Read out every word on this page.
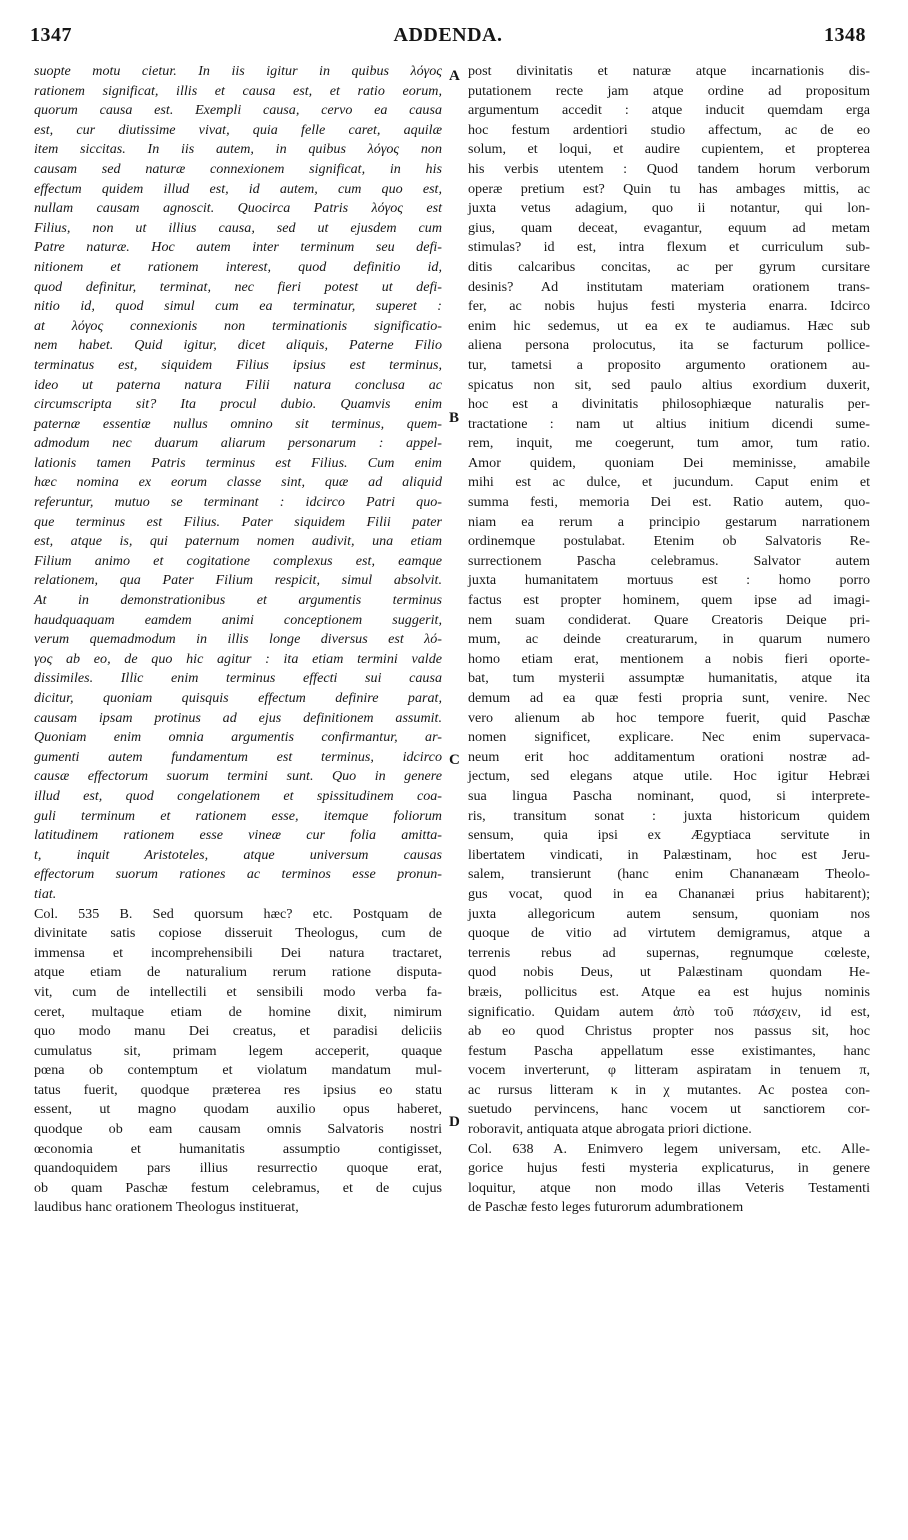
1347	ADDENDA.	1348
suopte motu cietur. In iis igitur in quibus λόγος
rationem significat, illis et causa est, et ratio eorum,
quorum causa est. Exempli causa, cervo ea causa
est, cur diutissime vivat, quia felle caret, aquilæ
item siccitas. In iis autem, in quibus λόγος non
causam sed naturæ connexionem significat, in his
effectum quidem illud est, id autem, cum quo est,
nullam causam agnoscit. Quocirca Patris λόγος est
Filius, non ut illius causa, sed ut ejusdem cum
Patre naturæ. Hoc autem inter terminum seu defi-
nitionem et rationem interest, quod definitio id,
quod definitur, terminat, nec fieri potest ut defi-
nitio id, quod simul cum ea terminatur, superet :
at λόγος connexionis non terminationis significatio-
nem habet. Quid igitur, dicet aliquis, Paterne Filio
terminatus est, siquidem Filius ipsius est terminus,
ideo ut paterna natura Filii natura conclusa ac
circumscripta sit? Ita procul dubio. Quamvis enim
paternæ essentiæ nullus omnino sit terminus, quem-
admodum nec duarum aliarum personarum : appel-
lationis tamen Patris terminus est Filius. Cum enim
hæc nomina ex eorum classe sint, quæ ad aliquid
referuntur, mutuo se terminant : idcirco Patri quo-
que terminus est Filius. Pater siquidem Filii pater
est, atque is, qui paternum nomen audivit, una etiam
Filium animo et cogitatione complexus est, eamque
relationem, qua Pater Filium respicit, simul absolvit.
At in demonstrationibus et argumentis terminus
haudquaquam eamdem animi conceptionem suggerit,
verum quemadmodum in illis longe diversus est λό-
γος ab eo, de quo hic agitur : ita etiam termini valde
dissimiles. Illic enim terminus effecti sui causa
dicitur, quoniam quisquis effectum definire parat,
causam ipsam protinus ad ejus definitionem assumit.
Quoniam enim omnia argumentis confirmantur, ar-
gumenti autem fundamentum est terminus, idcirco
causæ effectorum suorum termini sunt. Quo in genere
illud est, quod congelationem et spissitudinem coa-
guli terminum et rationem esse, itemque foliorum
latitudinem rationem esse vineæ cur folia amitta-
t, inquit Aristoteles, atque universum causas
effectorum suorum rationes ac terminos esse pronun-
tiat.
Col. 535 B. Sed quorsum hæc? etc. Postquam de
divinitate satis copiose disseruit Theologus, cum de
immensa et incomprehensibili Dei natura tractaret,
atque etiam de naturalium rerum ratione disputa-
vit, cum de intellectili et sensibili modo verba fa-
ceret, multaque etiam de homine dixit, nimirum
quo modo manu Dei creatus, et paradisi deliciis
cumulatus sit, primam legem acceperit, quaque
pœna ob contemptum et violatum mandatum mul-
tatus fuerit, quodque præterea res ipsius eo statu
essent, ut magno quodam auxilio opus haberet,
quodque ob eam causam omnis Salvatoris nostri
œconomia et humanitatis assumptio contigisset,
quandoquidem pars illius resurrectio quoque erat,
ob quam Paschæ festum celebramus, et de cujus
laudibus hanc orationem Theologus instituerat,
post divinitatis et naturæ atque incarnationis dis-
putationem recte jam atque ordine ad propositum
argumentum accedit : atque inducit quemdam erga
hoc festum ardentiori studio affectum, ac de eo
solum, et loqui, et audire cupientem, et propterea
his verbis utentem : Quod tandem horum verborum
operæ pretium est? Quin tu has ambages mittis, ac
juxta vetus adagium, quo ii notantur, qui lon-
gius, quam deceat, evagantur, equum ad metam
stimulas? id est, intra flexum et curriculum sub-
ditis calcaribus concitas, ac per gyrum cursitare
desinis? Ad institutam materiam orationem trans-
fer, ac nobis hujus festi mysteria enarra. Idcirco
enim hic sedemus, ut ea ex te audiamus. Hæc sub
aliena persona prolocutus, ita se facturum pollice-
tur, tametsi a proposito argumento orationem au-
spicatus non sit, sed paulo altius exordium duxerit,
hoc est a divinitatis philosophiæque naturalis per-
tractatione : nam ut altius initium dicendi sume-
rem, inquit, me coegerunt, tum amor, tum ratio.
Amor quidem, quoniam Dei meminisse, amabile
mihi est ac dulce, et jucundum. Caput enim et
summa festi, memoria Dei est. Ratio autem, quo-
niam ea rerum a principio gestarum narrationem
ordinemque postulabat. Etenim ob Salvatoris Re-
surrectionem Pascha celebramus. Salvator autem
juxta humanitatem mortuus est : homo porro
factus est propter hominem, quem ipse ad imagi-
nem suam condiderat. Quare Creatoris Deique pri-
mum, ac deinde creaturarum, in quarum numero
homo etiam erat, mentionem a nobis fieri oporte-
bat, tum mysterii assumptæ humanitatis, atque ita
demum ad ea quæ festi propria sunt, venire. Nec
vero alienum ab hoc tempore fuerit, quid Paschæ
nomen significet, explicare. Nec enim supervaca-
neum erit hoc additamentum orationi nostræ ad-
jectum, sed elegans atque utile. Hoc igitur Hebræi
sua lingua Pascha nominant, quod, si interprete-
ris, transitum sonat : juxta historicum quidem
sensum, quia ipsi ex Ægyptiaca servitute in
libertatem vindicati, in Palæstinam, hoc est Jeru-
salem, transierunt (hanc enim Chananæam Theolo-
gus vocat, quod in ea Chananæi prius habitarent);
juxta allegoricum autem sensum, quoniam nos
quoque de vitio ad virtutem demigramus, atque a
terrenis rebus ad supernas, regnumque cœleste,
quod nobis Deus, ut Palæstinam quondam He-
bræis, pollicitus est. Atque ea est hujus nominis
significatio. Quidam autem ἀπὸ τοῦ πάσχειν, id est,
ab eo quod Christus propter nos passus sit, hoc
festum Pascha appellatum esse existimantes, hanc
vocem inverterunt, φ litteram aspiratam in tenuem π,
ac rursus litteram κ in χ mutantes. Ac postea con-
suetudo pervincens, hanc vocem ut sanctiorem cor-
roboravit, antiquata atque abrogata priori dictione.
Col. 638 A. Enimvero legem universam, etc. Alle-
gorice hujus festi mysteria explicaturus, in genere
loquitur, atque non modo illas Veteris Testamenti
de Paschæ festo leges futurorum adumbrationem
A
B
C
D
